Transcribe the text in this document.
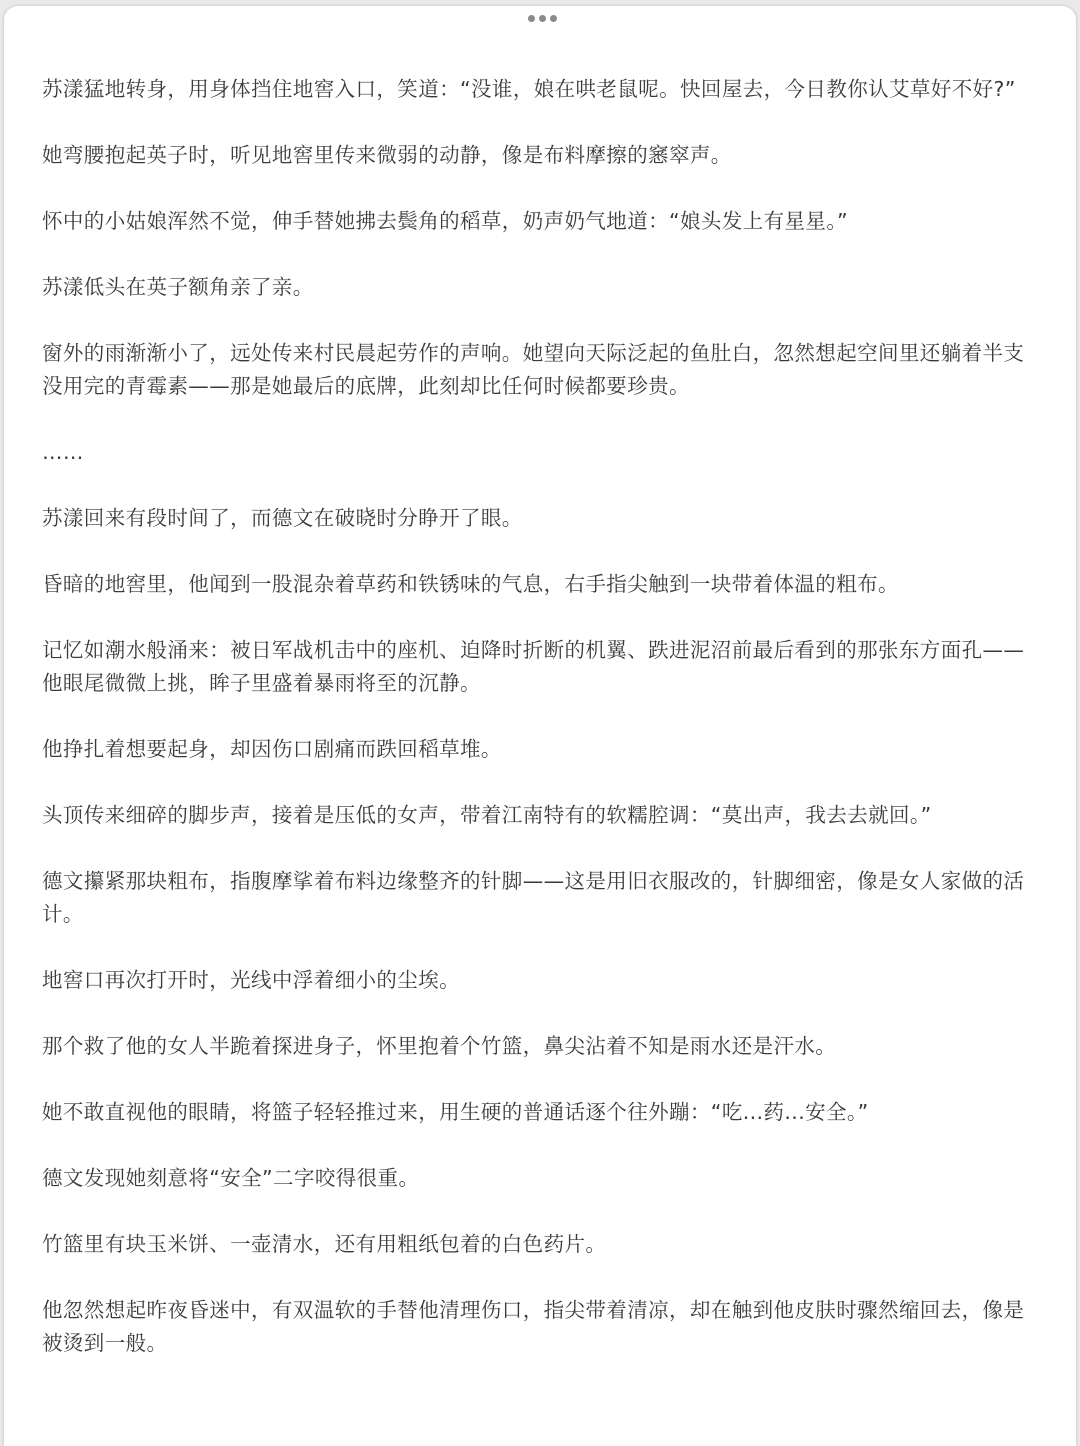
苏漾猛地转身，用身体挡住地窖入口，笑道：“没谁，娘在哄老鼠呢。快回屋去，今日教你认艾草好不好?”

她弯腰抱起英子时，听见地窖里传来微弱的动静，像是布料摩擦的窸窣声。

怀中的小姑娘浑然不觉，伸手替她拂去鬓角的稻草，奶声奶气地道：“娘头发上有星星。”

苏漾低头在英子额角亲了亲。

窗外的雨渐渐小了，远处传来村民晨起劳作的声响。她望向天际泛起的鱼肚白，忽然想起空间里还躺着半支没用完的青霉素——那是她最后的底牌，此刻却比任何时候都要珍贵。

……

苏漾回来有段时间了，而德文在破晓时分睁开了眼。

昏暗的地窖里，他闻到一股混杂着草药和铁锈味的气息，右手指尖触到一块带着体温的粗布。

记忆如潮水般涌来：被日军战机击中的座机、迫降时折断的机翼、跌进泥沼前最后看到的那张东方面孔——他眼尾微微上挑，眸子里盛着暴雨将至的沉静。

他挣扎着想要起身，却因伤口剧痛而跌回稻草堆。

头顶传来细碎的脚步声，接着是压低的女声，带着江南特有的软糯腔调：“莫出声，我去去就回。”

德文攥紧那块粗布，指腹摩挲着布料边缘整齐的针脚——这是用旧衣服改的，针脚细密，像是女人家做的活计。

地窖口再次打开时，光线中浮着细小的尘埃。

那个救了他的女人半跪着探进身子，怀里抱着个竹篮，鼻尖沾着不知是雨水还是汗水。

她不敢直视他的眼睛，将篮子轻轻推过来，用生硬的普通话逐个往外蹦：“吃...药...安全。”

德文发现她刻意将“安全”二字咬得很重。

竹篮里有块玉米饼、一壶清水，还有用粗纸包着的白色药片。

他忽然想起昨夜昏迷中，有双温软的手替他清理伤口，指尖带着清凉，却在触到他皮肤时骤然缩回去，像是被烫到一般。
